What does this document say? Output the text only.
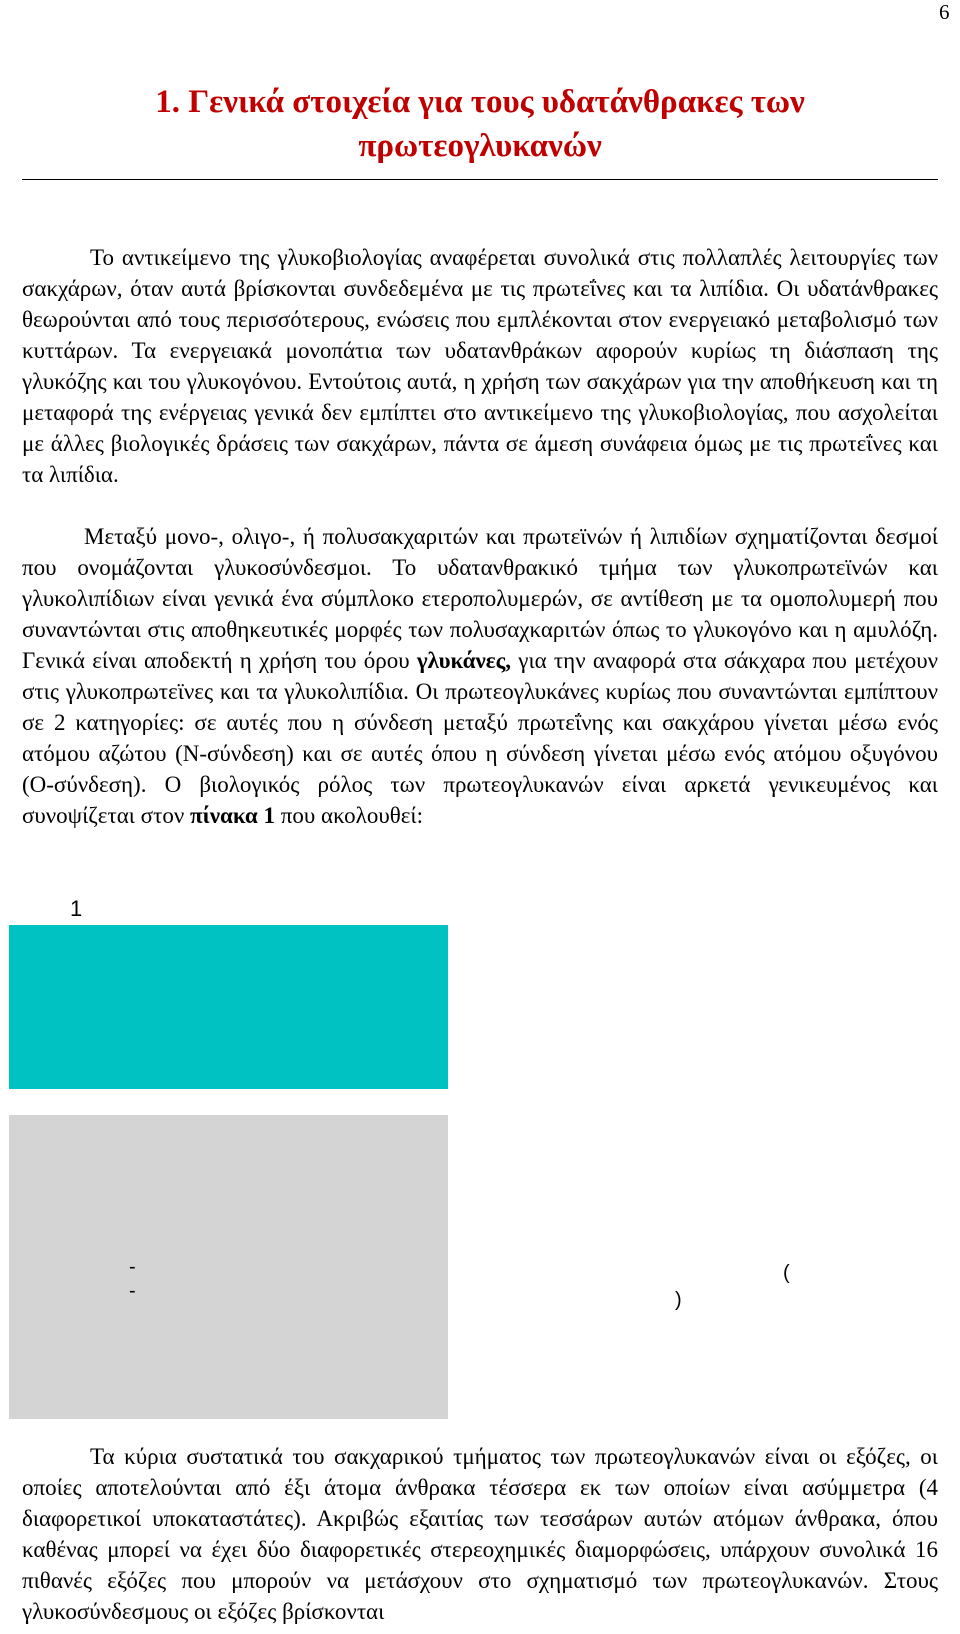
6
1. Γενικά στοιχεία για τους υδατάνθρακες των
πρωτεογλυκανών

Το αντικείμενο της γλυκοβιολογίας αναφέρεται συνολικά στις πολλαπλές λειτουργίες των σακχάρων, όταν αυτά βρίσκονται συνδεδεμένα με τις πρωτεΐνες και τα λιπίδια. Οι υδατάνθρακες θεωρούνται από τους περισσότερους, ενώσεις που εμπλέκονται στον ενεργειακό μεταβολισμό των κυττάρων. Τα ενεργειακά μονοπάτια των υδατανθράκων αφορούν κυρίως τη διάσπαση της γλυκόζης και του γλυκογόνου. Εντούτοις αυτά, η χρήση των σακχάρων για την αποθήκευση και τη μεταφορά της ενέργειας γενικά δεν εμπίπτει στο αντικείμενο της γλυκοβιολογίας, που ασχολείται με άλλες βιολογικές δράσεις των σακχάρων, πάντα σε άμεση συνάφεια όμως με τις πρωτεΐνες και τα λιπίδια.

Μεταξύ μονο-, ολιγο-, ή πολυσακχαριτών και πρωτεϊνών ή λιπιδίων σχηματίζονται δεσμοί που ονομάζονται γλυκοσύνδεσμοι. Το υδατανθρακικό τμήμα των γλυκοπρωτεϊνών και γλυκολιπίδιων είναι γενικά ένα σύμπλοκο ετεροπολυμερών, σε αντίθεση με τα ομοπολυμερή που συναντώνται στις αποθηκευτικές μορφές των πολυσαχκαριτών όπως το γλυκογόνο και η αμυλόζη. Γενικά είναι αποδεκτή η χρήση του όρου γλυκάνες, για την αναφορά στα σάκχαρα που μετέχουν στις γλυκοπρωτεϊνες και τα γλυκολιπίδια. Οι πρωτεογλυκάνες κυρίως που συναντώνται εμπίπτουν σε 2 κατηγορίες: σε αυτές που η σύνδεση μεταξύ πρωτεΐνης και σακχάρου γίνεται μέσω ενός ατόμου αζώτου (Ν-σύνδεση) και σε αυτές όπου η σύνδεση γίνεται μέσω ενός ατόμου οξυγόνου (Ο-σύνδεση). Ο βιολογικός ρόλος των πρωτεογλυκανών είναι αρκετά γενικευμένος και συνοψίζεται στον πίνακα 1 που ακολουθεί:

1
-
-
(
)

Τα κύρια συστατικά του σακχαρικού τμήματος των πρωτεογλυκανών είναι οι εξόζες, οι οποίες αποτελούνται από έξι άτομα άνθρακα τέσσερα εκ των οποίων είναι ασύμμετρα (4 διαφορετικοί υποκαταστάτες). Ακριβώς εξαιτίας των τεσσάρων αυτών ατόμων άνθρακα, όπου καθένας μπορεί να έχει δύο διαφορετικές στερεοχημικές διαμορφώσεις, υπάρχουν συνολικά 16 πιθανές εξόζες που μπορούν να μετάσχουν στο σχηματισμό των πρωτεογλυκανών. Στους γλυκοσύνδεσμους οι εξόζες βρίσκονται
